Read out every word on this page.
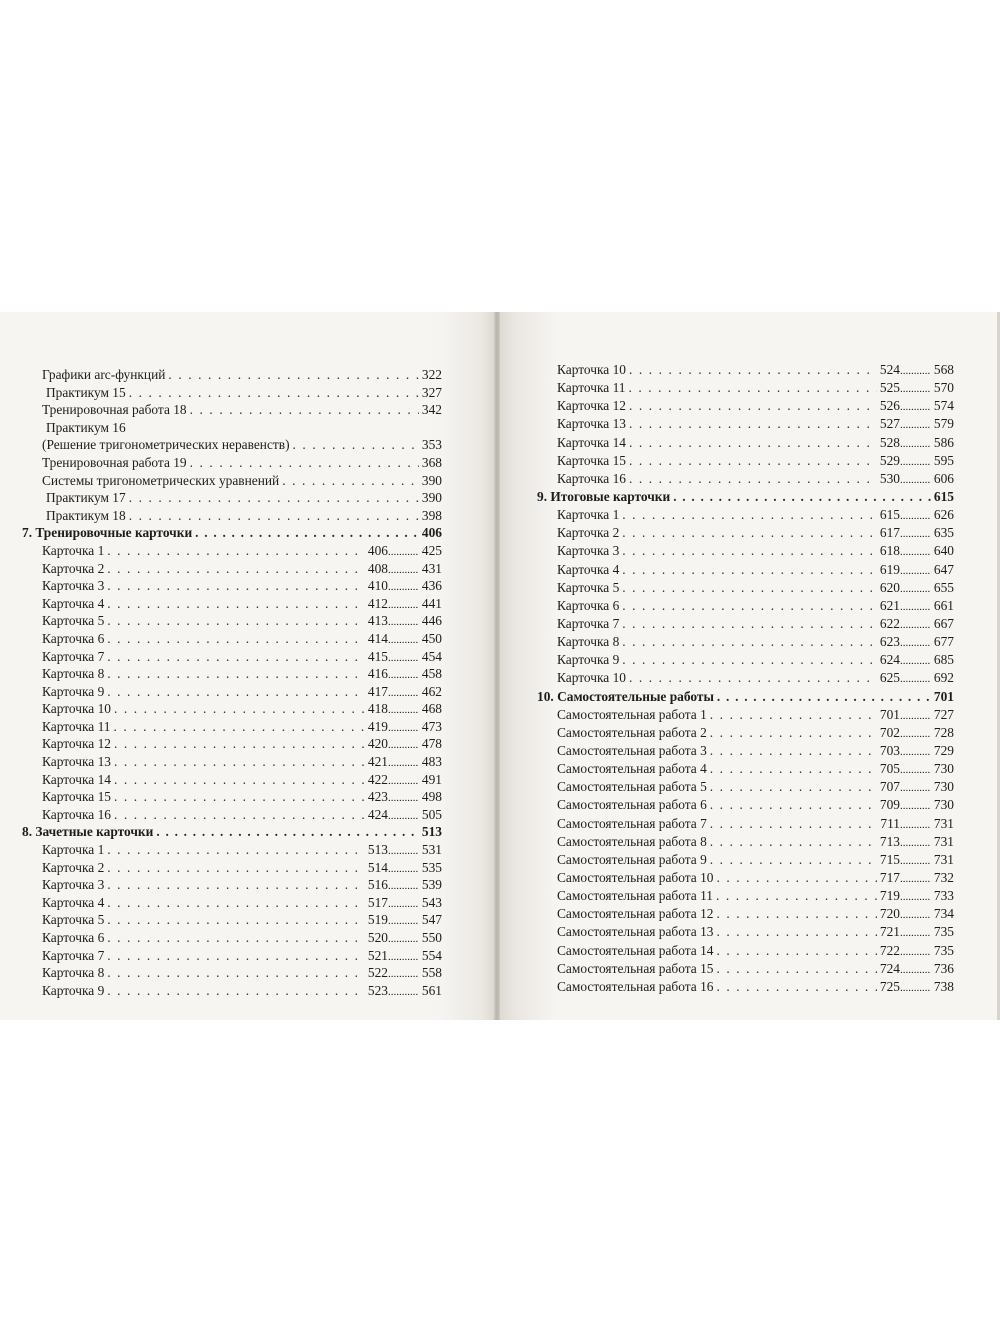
Графики arc-функций . . .	322
Практикум 15 . . .	327
Тренировочная работа 18 . . .	342
Практикум 16
(Решение тригонометрических неравенств) . . .	353
Тренировочная работа 19 . . .	368
Системы тригонометрических уравнений . . .	390
Практикум 17 . . .	390
Практикум 18 . . .	398
7. Тренировочные карточки . . .	406
Карточка 1 . . .	406 .....	425
Карточка 2 . . .	408 .....	431
Карточка 3 . . .	410 .....	436
Карточка 4 . . .	412 .....	441
Карточка 5 . . .	413 .....	446
Карточка 6 . . .	414 .....	450
Карточка 7 . . .	415 .....	454
Карточка 8 . . .	416 .....	458
Карточка 9 . . .	417 .....	462
Карточка 10 . . .	418 .....	468
Карточка 11 . . .	419 .....	473
Карточка 12 . . .	420 .....	478
Карточка 13 . . .	421 .....	483
Карточка 14 . . .	422 .....	491
Карточка 15 . . .	423 .....	498
Карточка 16 . . .	424 .....	505
8. Зачетные карточки . . .	513
Карточка 1 . . .	513 .....	531
Карточка 2 . . .	514 .....	535
Карточка 3 . . .	516 .....	539
Карточка 4 . . .	517 .....	543
Карточка 5 . . .	519 .....	547
Карточка 6 . . .	520 .....	550
Карточка 7 . . .	521 .....	554
Карточка 8 . . .	522 .....	558
Карточка 9 . . .	523 .....	561
Карточка 10 . . .	524 .....	568
Карточка 11 . . .	525 .....	570
Карточка 12 . . .	526 .....	574
Карточка 13 . . .	527 .....	579
Карточка 14 . . .	528 .....	586
Карточка 15 . . .	529 .....	595
Карточка 16 . . .	530 .....	606
9. Итоговые карточки . . .	615
Карточка 1 . . .	615 .....	626
Карточка 2 . . .	617 .....	635
Карточка 3 . . .	618 .....	640
Карточка 4 . . .	619 .....	647
Карточка 5 . . .	620 .....	655
Карточка 6 . . .	621 .....	661
Карточка 7 . . .	622 .....	667
Карточка 8 . . .	623 .....	677
Карточка 9 . . .	624 .....	685
Карточка 10 . . .	625 .....	692
10. Самостоятельные работы . . .	701
Самостоятельная работа 1 . . .	701 .....	727
Самостоятельная работа 2 . . .	702 .....	728
Самостоятельная работа 3 . . .	703 .....	729
Самостоятельная работа 4 . . .	705 .....	730
Самостоятельная работа 5 . . .	707 .....	730
Самостоятельная работа 6 . . .	709 .....	730
Самостоятельная работа 7 . . .	711 .....	731
Самостоятельная работа 8 . . .	713 .....	731
Самостоятельная работа 9 . . .	715 .....	731
Самостоятельная работа 10 . . .	717 .....	732
Самостоятельная работа 11 . . .	719 .....	733
Самостоятельная работа 12 . . .	720 .....	734
Самостоятельная работа 13 . . .	721 .....	735
Самостоятельная работа 14 . . .	722 .....	735
Самостоятельная работа 15 . . .	724 .....	736
Самостоятельная работа 16 . . .	725 .....	738
